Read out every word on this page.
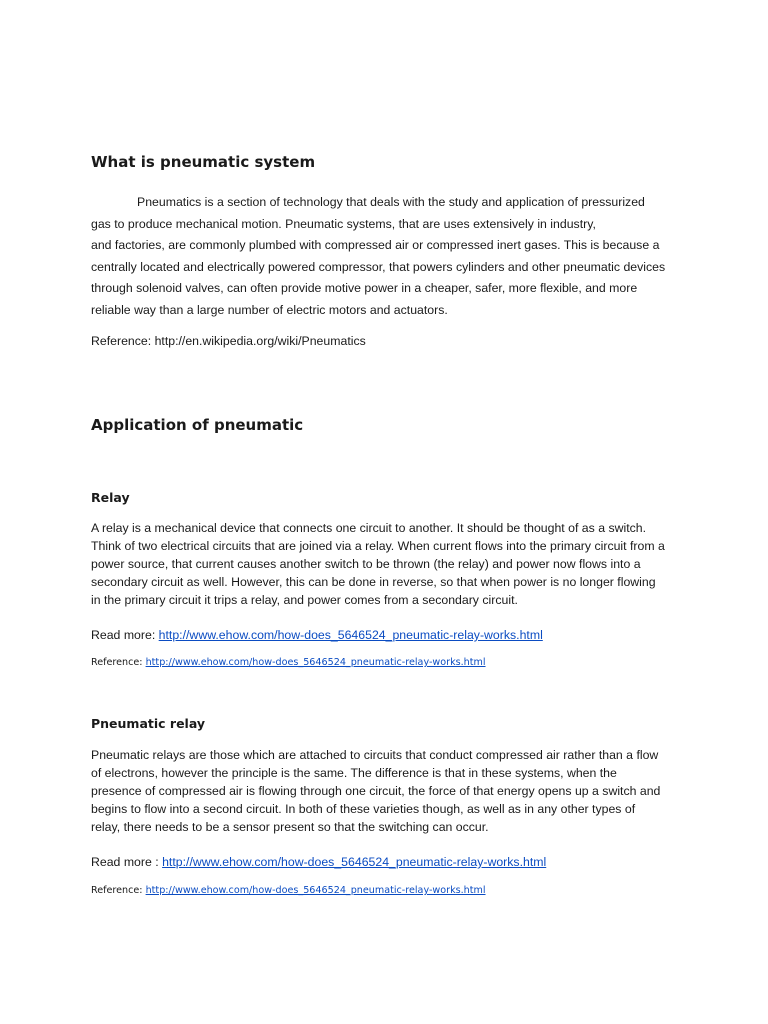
What is pneumatic system

Pneumatics is a section of technology that deals with the study and application of pressurized
gas to produce mechanical motion. Pneumatic systems, that are uses extensively in industry,
and factories, are commonly plumbed with compressed air or compressed inert gases. This is because a
centrally located and electrically powered compressor, that powers cylinders and other pneumatic devices
through solenoid valves, can often provide motive power in a cheaper, safer, more flexible, and more
reliable way than a large number of electric motors and actuators.

Reference: http://en.wikipedia.org/wiki/Pneumatics

Application of pneumatic
Relay

A relay is a mechanical device that connects one circuit to another. It should be thought of as a switch.
Think of two electrical circuits that are joined via a relay. When current flows into the primary circuit from a
power source, that current causes another switch to be thrown (the relay) and power now flows into a
secondary circuit as well. However, this can be done in reverse, so that when power is no longer flowing
in the primary circuit it trips a relay, and power comes from a secondary circuit.

Read more: http://www.ehow.com/how-does_5646524_pneumatic-relay-works.html

Reference: http://www.ehow.com/how-does_5646524_pneumatic-relay-works.html

Pneumatic relay

Pneumatic relays are those which are attached to circuits that conduct compressed air rather than a flow
of electrons, however the principle is the same. The difference is that in these systems, when the
presence of compressed air is flowing through one circuit, the force of that energy opens up a switch and
begins to flow into a second circuit. In both of these varieties though, as well as in any other types of
relay, there needs to be a sensor present so that the switching can occur.

Read more : http://www.ehow.com/how-does_5646524_pneumatic-relay-works.html

Reference: http://www.ehow.com/how-does_5646524_pneumatic-relay-works.html
